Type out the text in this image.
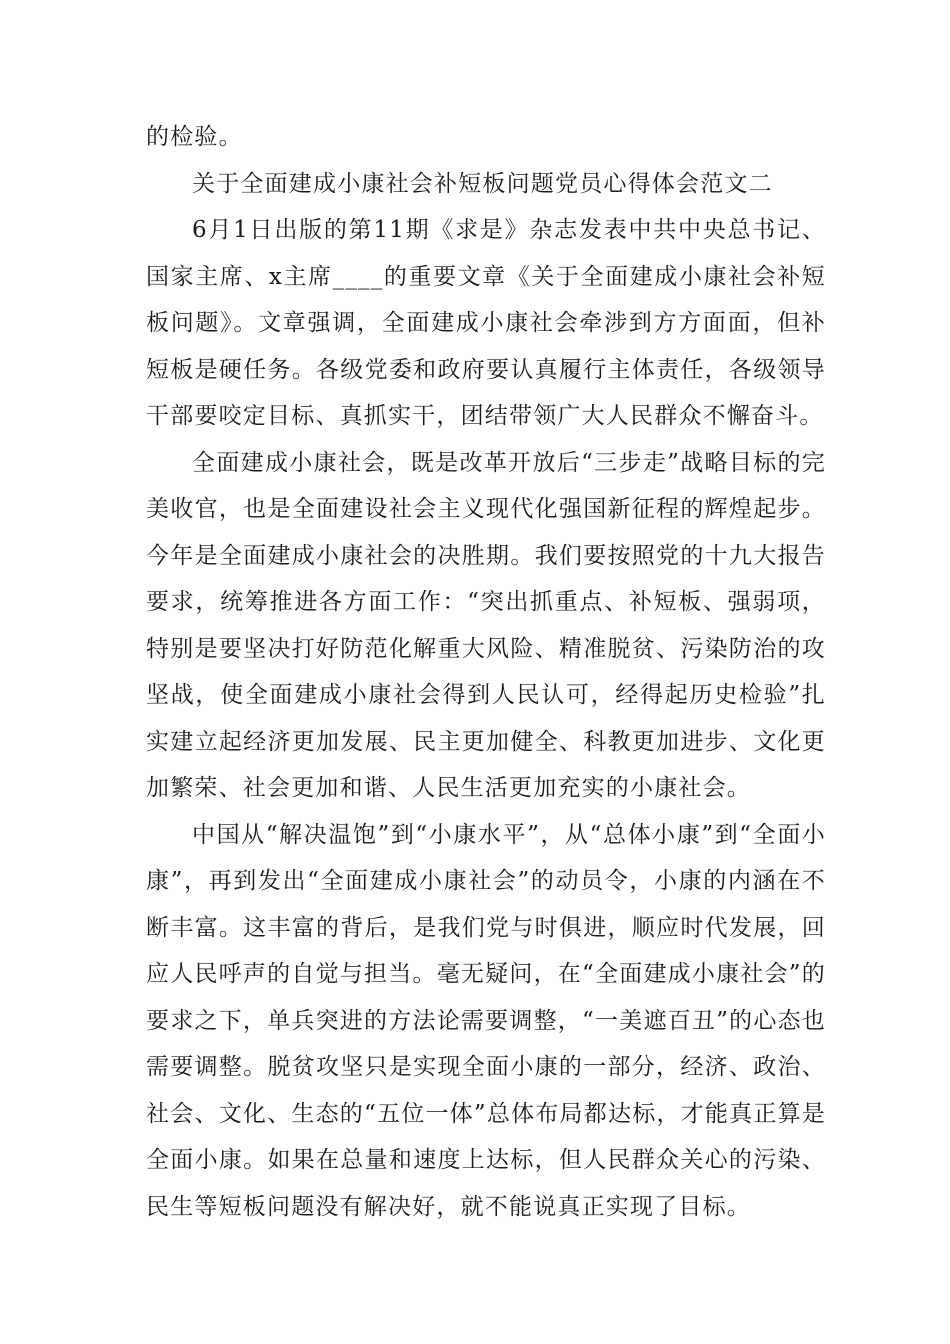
的检验。

关于全面建成小康社会补短板问题党员心得体会范文二

6月1日出版的第11期《求是》杂志发表中共中央总书记、国家主席、x主席____的重要文章《关于全面建成小康社会补短板问题》。文章强调，全面建成小康社会牵涉到方方面面，但补短板是硬任务。各级党委和政府要认真履行主体责任，各级领导干部要咬定目标、真抓实干，团结带领广大人民群众不懈奋斗。

全面建成小康社会，既是改革开放后“三步走”战略目标的完美收官，也是全面建设社会主义现代化强国新征程的辉煌起步。今年是全面建成小康社会的决胜期。我们要按照党的十九大报告要求，统筹推进各方面工作：“突出抓重点、补短板、强弱项，特别是要坚决打好防范化解重大风险、精准脱贫、污染防治的攻坚战，使全面建成小康社会得到人民认可，经得起历史检验”扎实建立起经济更加发展、民主更加健全、科教更加进步、文化更加繁荣、社会更加和谐、人民生活更加充实的小康社会。

中国从“解决温饱”到“小康水平”，从“总体小康”到“全面小康”，再到发出“全面建成小康社会”的动员令，小康的内涵在不断丰富。这丰富的背后，是我们党与时俱进，顺应时代发展，回应人民呼声的自觉与担当。毫无疑问，在“全面建成小康社会”的要求之下，单兵突进的方法论需要调整，“一美遮百丑”的心态也需要调整。脱贫攻坚只是实现全面小康的一部分，经济、政治、社会、文化、生态的“五位一体”总体布局都达标，才能真正算是全面小康。如果在总量和速度上达标，但人民群众关心的污染、民生等短板问题没有解决好，就不能说真正实现了目标。
